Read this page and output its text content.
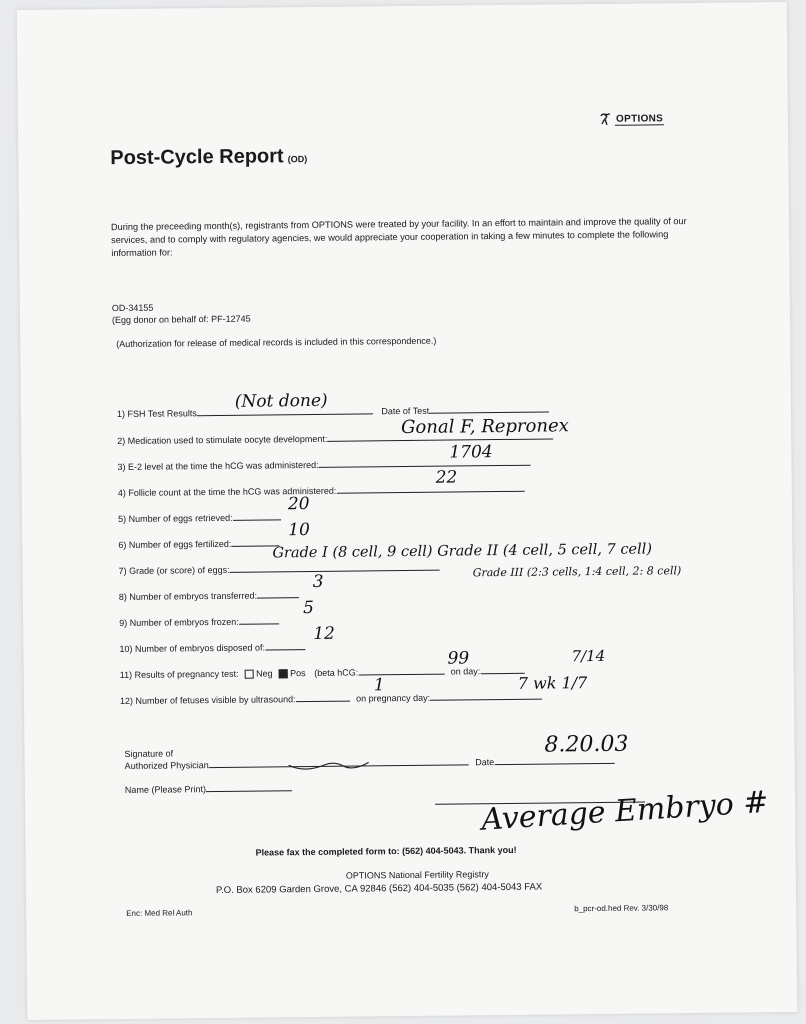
OPTIONS
Post-Cycle Report (OD)
During the preceeding month(s), registrants from OPTIONS were treated by your facility. In an effort to maintain and improve the quality of our services, and to comply with regulatory agencies, we would appreciate your cooperation in taking a few minutes to complete the following information for:
OD-34155
(Egg donor on behalf of: PF-12745
(Authorization for release of medical records is included in this correspondence.)
1) FSH Test Results	Date of Test
(Not done)
2) Medication used to stimulate oocyte development:
Gonal F, Repronex
3) E-2 level at the time the hCG was administered:
1704
4) Follicle count at the time the hCG was administered:
22
5) Number of eggs retrieved:
20
6) Number of eggs fertilized:
10
7) Grade (or score) of eggs:
Grade I (8 cell, 9 cell) Grade II (4 cell, 5 cell, 7 cell)
Grade III (2:3 cells, 1:4 cell, 2: 8 cell)
8) Number of embryos transferred:
3
9) Number of embryos frozen:
5
10) Number of embryos disposed of:
12
11) Results of pregnancy test: Neg Pos (beta hCG:	on day:
99	7/14
12) Number of fetuses visible by ultrasound:	on pregnancy day:
1	7 wk 1/7
Signature of
Authorized Physician	Date
8.20.03
Name (Please Print)	Average Embryo #
Please fax the completed form to: (562) 404-5043. Thank you!
OPTIONS National Fertility Registry
P.O. Box 6209 Garden Grove, CA 92846 (562) 404-5035 (562) 404-5043 FAX
Enc: Med Rel Auth	b_pcr-od.hed Rev. 3/30/98
